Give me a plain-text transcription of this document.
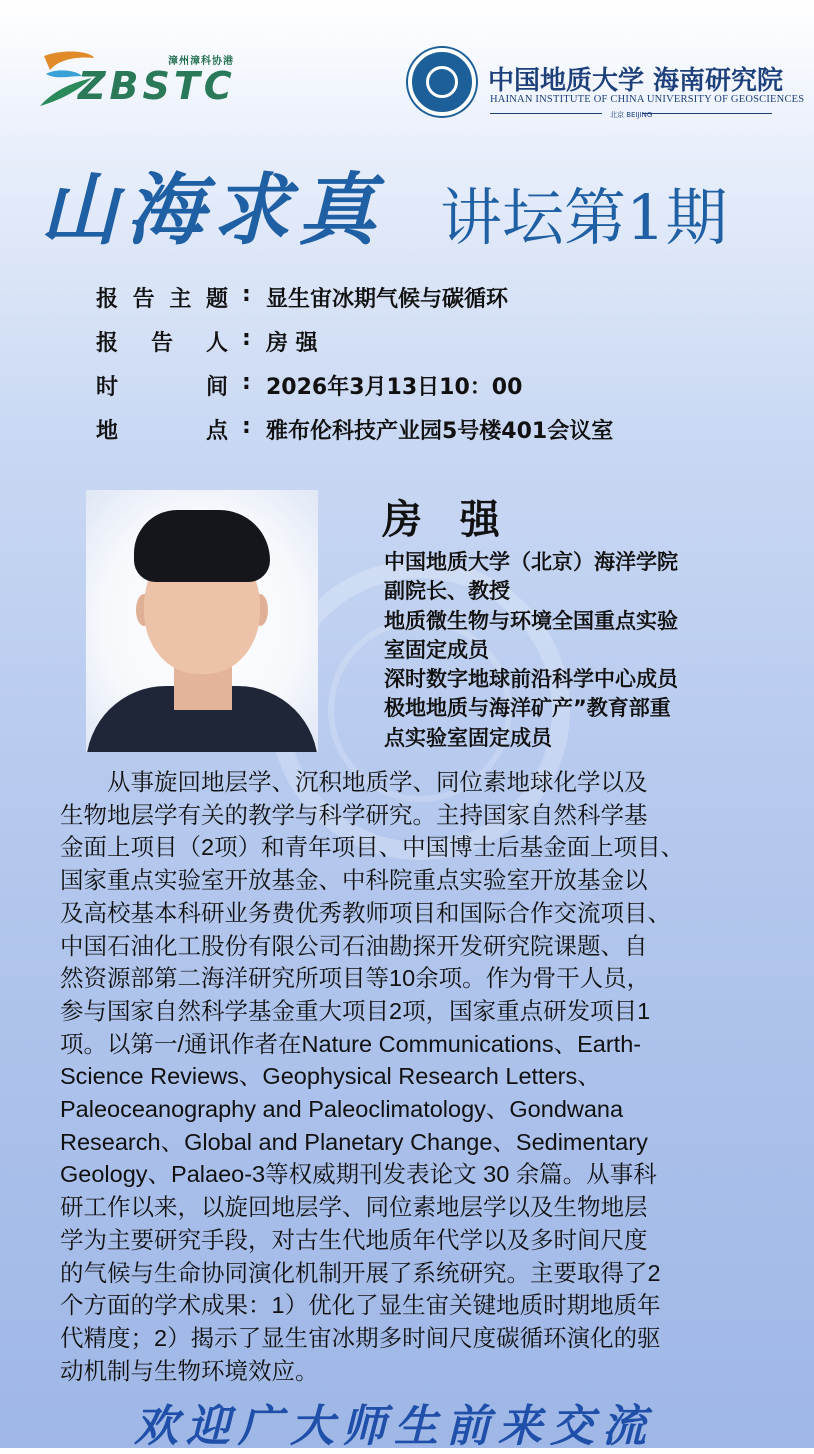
漳州漳科协港
ZBSTC	中国地质大学 海南研究院
HAINAN INSTITUTE OF CHINA UNIVERSITY OF GEOSCIENCES
北京 BEIJING
山海求真 讲坛第1期
报 告 主 题 : 显生宙冰期气候与碳循环
报 告 人 : 房 强
时	间 : 2026年3月13日10：00
地	点 : 雅布伦科技产业园5号楼401会议室
房 强
中国地质大学（北京）海洋学院
副院长、教授
地质微生物与环境全国重点实验
室固定成员
深时数字地球前沿科学中心成员
极地地质与海洋矿产”教育部重
点实验室固定成员
　　从事旋回地层学、沉积地质学、同位素地球化学以及
生物地层学有关的教学与科学研究。主持国家自然科学基
金面上项目（2项）和青年项目、中国博士后基金面上项目、
国家重点实验室开放基金、中科院重点实验室开放基金以
及高校基本科研业务费优秀教师项目和国际合作交流项目、
中国石油化工股份有限公司石油勘探开发研究院课题、自
然资源部第二海洋研究所项目等10余项。作为骨干人员，
参与国家自然科学基金重大项目2项，国家重点研发项目1
项。以第一/通讯作者在Nature Communications、Earth-
Science Reviews、Geophysical Research Letters、
Paleoceanography and Paleoclimatology、Gondwana
Research、Global and Planetary Change、Sedimentary
Geology、Palaeo-3等权威期刊发表论文 30 余篇。从事科
研工作以来，以旋回地层学、同位素地层学以及生物地层
学为主要研究手段，对古生代地质年代学以及多时间尺度
的气候与生命协同演化机制开展了系统研究。主要取得了2
个方面的学术成果：1）优化了显生宙关键地质时期地质年
代精度；2）揭示了显生宙冰期多时间尺度碳循环演化的驱
动机制与生物环境效应。
欢迎广大师生前来交流
